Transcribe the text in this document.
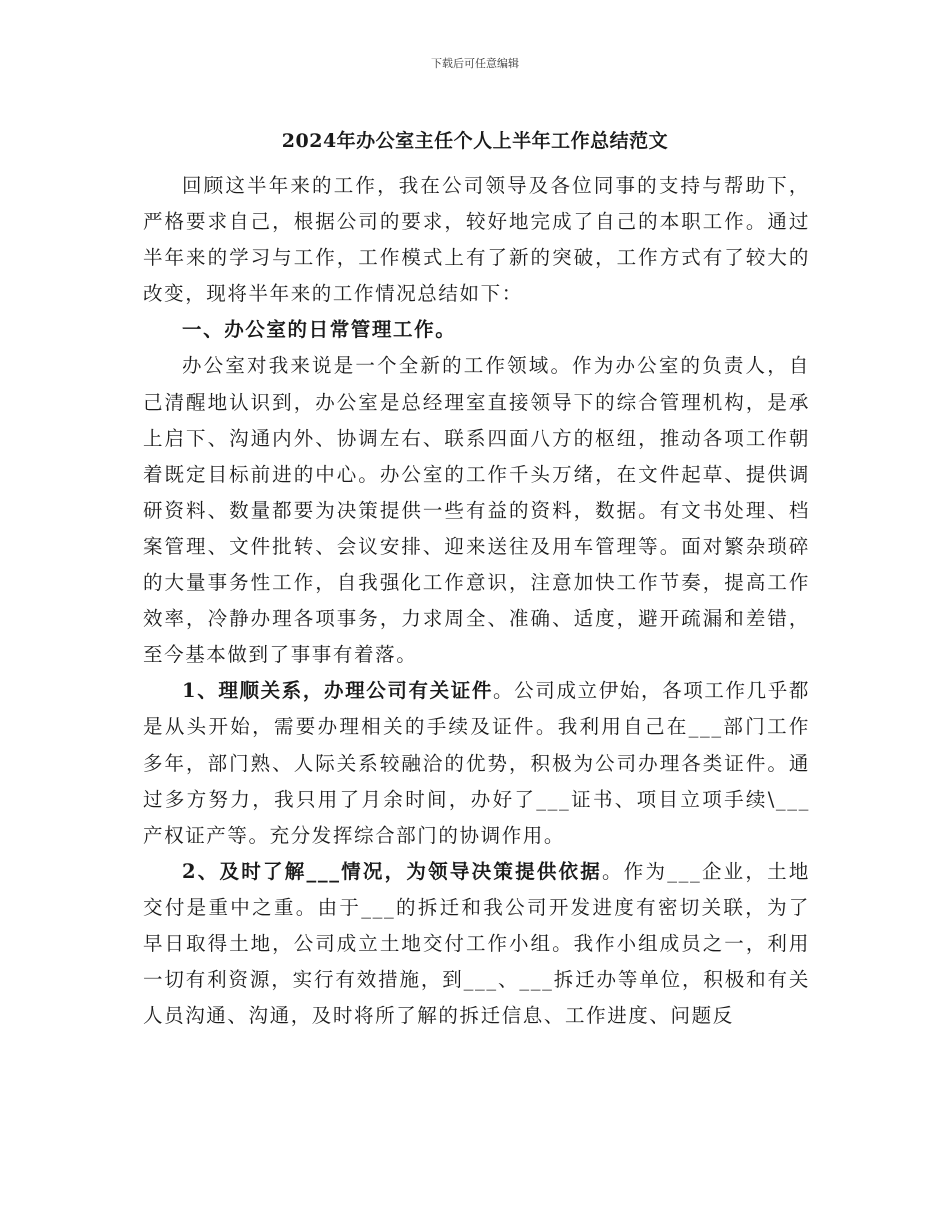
下载后可任意编辑
2024年办公室主任个人上半年工作总结范文

回顾这半年来的工作，我在公司领导及各位同事的支持与帮助下，严格要求自己，根据公司的要求，较好地完成了自己的本职工作。通过半年来的学习与工作，工作模式上有了新的突破，工作方式有了较大的改变，现将半年来的工作情况总结如下：

一、办公室的日常管理工作。

办公室对我来说是一个全新的工作领域。作为办公室的负责人，自己清醒地认识到，办公室是总经理室直接领导下的综合管理机构，是承上启下、沟通内外、协调左右、联系四面八方的枢纽，推动各项工作朝着既定目标前进的中心。办公室的工作千头万绪，在文件起草、提供调研资料、数量都要为决策提供一些有益的资料，数据。有文书处理、档案管理、文件批转、会议安排、迎来送往及用车管理等。面对繁杂琐碎的大量事务性工作，自我强化工作意识，注意加快工作节奏，提高工作效率，冷静办理各项事务，力求周全、准确、适度，避开疏漏和差错，至今基本做到了事事有着落。

1、理顺关系，办理公司有关证件。公司成立伊始，各项工作几乎都是从头开始，需要办理相关的手续及证件。我利用自己在___部门工作多年，部门熟、人际关系较融洽的优势，积极为公司办理各类证件。通过多方努力，我只用了月余时间，办好了___证书、项目立项手续\___产权证产等。充分发挥综合部门的协调作用。

2、及时了解___情况，为领导决策提供依据。作为___企业，土地交付是重中之重。由于___的拆迁和我公司开发进度有密切关联，为了早日取得土地，公司成立土地交付工作小组。我作小组成员之一，利用一切有利资源，实行有效措施，到___、___拆迁办等单位，积极和有关人员沟通、沟通，及时将所了解的拆迁信息、工作进度、问题反
